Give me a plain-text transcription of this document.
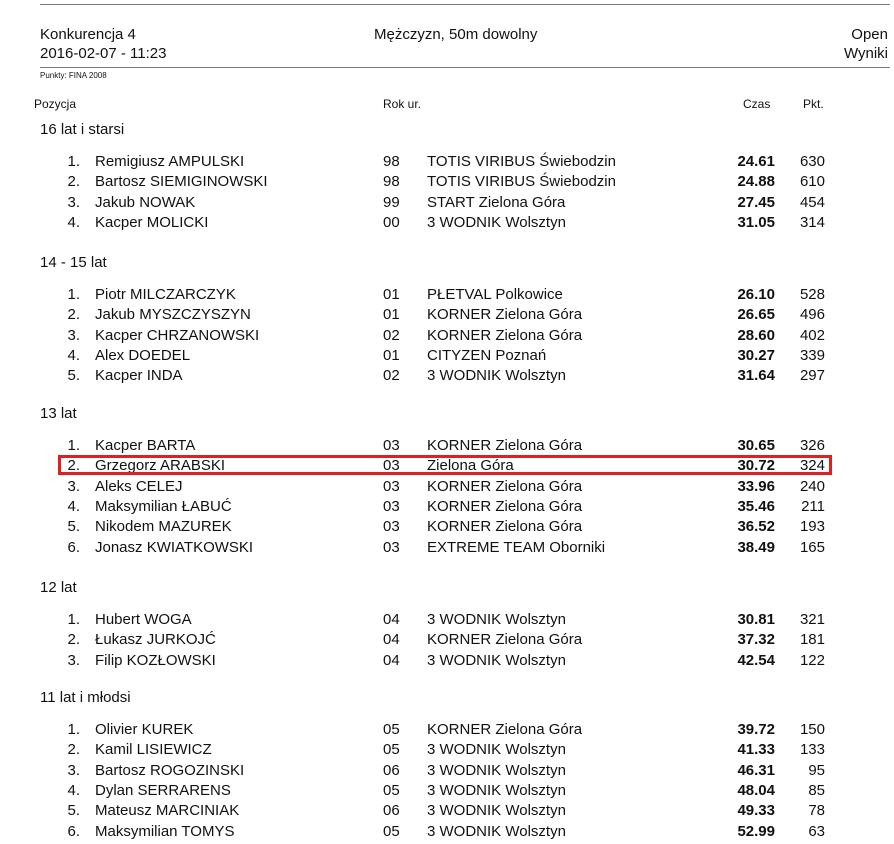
Konkurencja 4
2016-02-07 - 11:23
Mężczyzn, 50m dowolny	Open
Wyniki
Punkty: FINA 2008
Pozycja	Rok ur.	Czas	Pkt.
16 lat i starsi
1. Remigiusz AMPULSKI	98 TOTIS VIRIBUS Świebodzin	24.61	630
2. Bartosz SIEMIGINOWSKI	98 TOTIS VIRIBUS Świebodzin	24.88	610
3. Jakub NOWAK	99 START Zielona Góra	27.45	454
4. Kacper MOLICKI	00 3 WODNIK Wolsztyn	31.05	314
14 - 15 lat
1. Piotr MILCZARCZYK	01 PŁETVAL Polkowice	26.10	528
2. Jakub MYSZCZYSZYN	01 KORNER Zielona Góra	26.65	496
3. Kacper CHRZANOWSKI	02 KORNER Zielona Góra	28.60	402
4. Alex DOEDEL	01 CITYZEN Poznań	30.27	339
5. Kacper INDA	02 3 WODNIK Wolsztyn	31.64	297
13 lat
1. Kacper BARTA	03 KORNER Zielona Góra	30.65	326
2. Grzegorz ARABSKI	03 Zielona Góra	30.72	324
3. Aleks CELEJ	03 KORNER Zielona Góra	33.96	240
4. Maksymilian ŁABUĆ	03 KORNER Zielona Góra	35.46	211
5. Nikodem MAZUREK	03 KORNER Zielona Góra	36.52	193
6. Jonasz KWIATKOWSKI	03 EXTREME TEAM Oborniki	38.49	165
12 lat
1. Hubert WOGA	04 3 WODNIK Wolsztyn	30.81	321
2. Łukasz JURKOJĆ	04 KORNER Zielona Góra	37.32	181
3. Filip KOZŁOWSKI	04 3 WODNIK Wolsztyn	42.54	122
11 lat i młodsi
1. Olivier KUREK	05 KORNER Zielona Góra	39.72	150
2. Kamil LISIEWICZ	05 3 WODNIK Wolsztyn	41.33	133
3. Bartosz ROGOZINSKI	06 3 WODNIK Wolsztyn	46.31	95
4. Dylan SERRARENS	05 3 WODNIK Wolsztyn	48.04	85
5. Mateusz MARCINIAK	06 3 WODNIK Wolsztyn	49.33	78
6. Maksymilian TOMYS	05 3 WODNIK Wolsztyn	52.99	63
